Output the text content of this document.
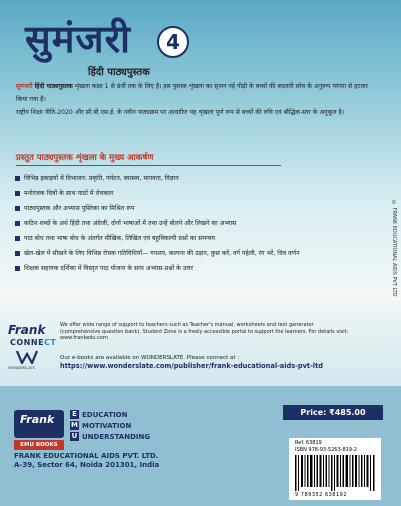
सुमंजरी	4
हिंदी पाठ्यपुस्तक
सुमंजरी हिंदी पाठ्यपुस्तक शृंखला कक्षा 1 से 8वीं तक के लिए है। इस पुस्तक शृंखला का सृजन नई पीढ़ी के बच्चों की बदलती सोच के अनुरूप परंपरा से हटकर किया गया है।
राष्ट्रीय शिक्षा नीति-2020 और सी.बी.एस.ई. के नवीन पाठ्यक्रम पर आधारित यह शृंखला पूर्ण रूप से बच्चों की रुचि एवं बौद्धिक-स्तर के अनुकूल है।
प्रस्तुत पाठ्यपुस्तक शृंखला के मुख्य आकर्षण
विभिन्न इकाइयों में विभाजन: प्रकृति, पर्यटन, स्वास्थ्य, मानवता, विज्ञान
मनोरंजक चित्रों के साथ पाठों में रोचकता
पाठ्यपुस्तक और अभ्यास पुस्तिका का मिश्रित रूप
कठिन शब्दों के अर्थ हिंदी तथा अंग्रेजी, दोनों भाषाओं में तथा उन्हें बोलने और लिखने का अभ्यास
पाठ बोध तथा भाषा बोध के अंतर्गत मौखिक, लिखित एवं बहुविकल्पी प्रश्नों का समन्वय
खेल-खेल में सीखने के लिए विभिन्न रोचक गतिविधियाँ— गपशप, कल्पना की उड़ान, कुछ करें, वर्ग पहेली, रंग भरें, चित्र वर्णन
शिक्षक सहायक दर्शिका में विस्तृत पाठ योजना के साथ अभ्यास-प्रश्नों के उत्तर	© FRANK EDUCATIONAL AIDS PVT LTD
Frank
CONNECT
We offer wide range of support to teachers such as Teacher's manual, worksheets and test generator (comprehensive question bank). Student Zone is a freely accessible portal to support the learners. For details visit: www.frankedu.com
WONDERSLATE
Our e-books are available on WONDERSLATE. Please connect at :
https://www.wonderslate.com/publisher/frank-educational-aids-pvt-ltd
Frank
EMU BOOKS
E EDUCATION
M MOTIVATION
U UNDERSTANDING
FRANK EDUCATIONAL AIDS PVT. LTD.
A-39, Sector 64, Noida 201301, India
Price: ₹485.00
Ref. 63819
ISBN 978-93-5263-819-2
9 789352 638192
